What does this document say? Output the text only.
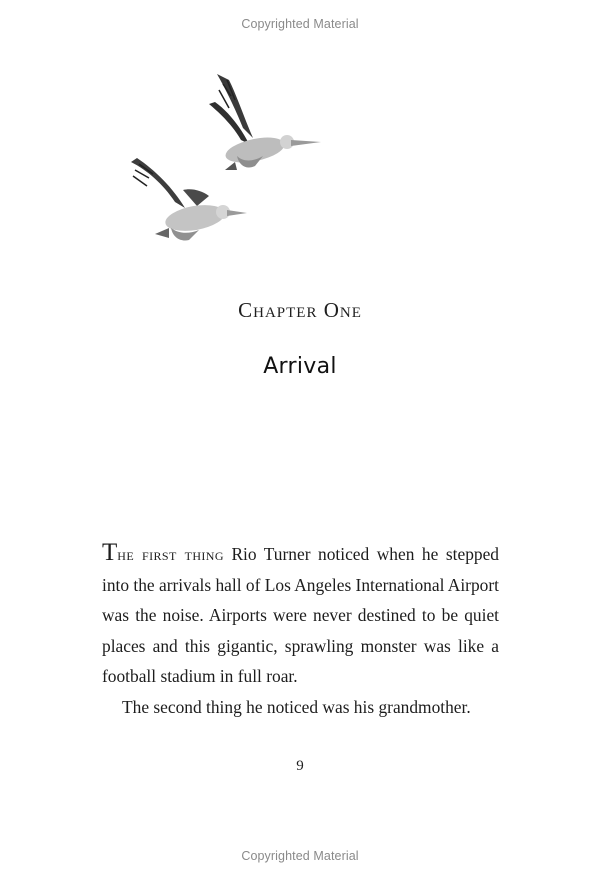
Copyrighted Material
Chapter One
Arrival

The first thing Rio Turner noticed when he stepped into the arrivals hall of Los Angeles International Airport was the noise. Airports were never destined to be quiet places and this gigantic, sprawling monster was like a football stadium in full roar.

The second thing he noticed was his grandmother.

9
Copyrighted Material
